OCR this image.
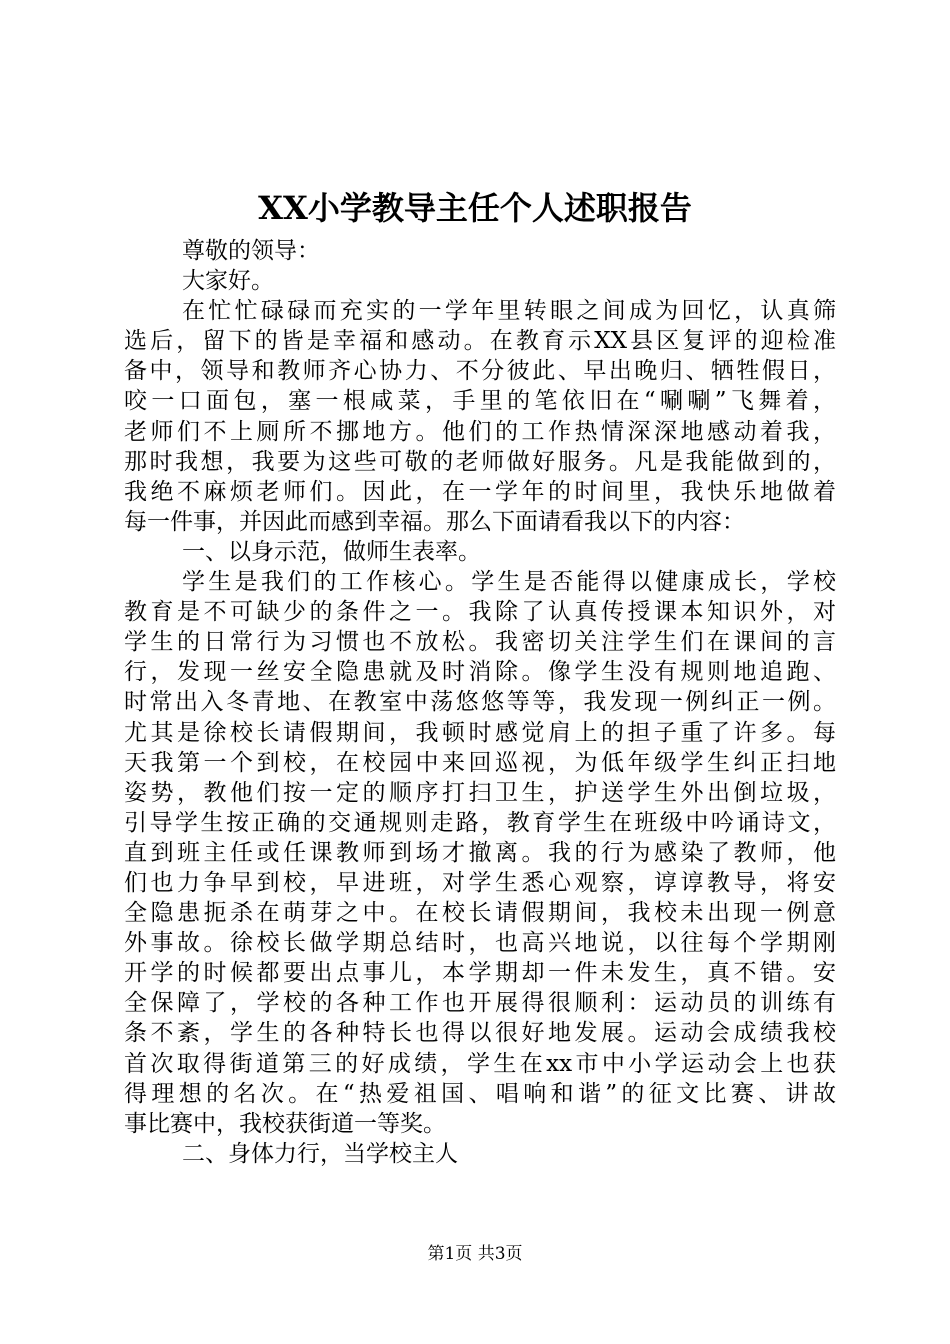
XX小学教导主任个人述职报告

尊敬的领导：

大家好。

在忙忙碌碌而充实的一学年里转眼之间成为回忆，认真筛

选后，留下的皆是幸福和感动。在教育示XX县区复评的迎检准

备中，领导和教师齐心协力、不分彼此、早出晚归、牺牲假日，

咬一口面包，塞一根咸菜，手里的笔依旧在“唰唰”飞舞着，

老师们不上厕所不挪地方。他们的工作热情深深地感动着我，

那时我想，我要为这些可敬的老师做好服务。凡是我能做到的，

我绝不麻烦老师们。因此，在一学年的时间里，我快乐地做着

每一件事，并因此而感到幸福。那么下面请看我以下的内容：

一、以身示范，做师生表率。

学生是我们的工作核心。学生是否能得以健康成长，学校

教育是不可缺少的条件之一。我除了认真传授课本知识外，对

学生的日常行为习惯也不放松。我密切关注学生们在课间的言

行，发现一丝安全隐患就及时消除。像学生没有规则地追跑、

时常出入冬青地、在教室中荡悠悠等等，我发现一例纠正一例。

尤其是徐校长请假期间，我顿时感觉肩上的担子重了许多。每

天我第一个到校，在校园中来回巡视，为低年级学生纠正扫地

姿势，教他们按一定的顺序打扫卫生，护送学生外出倒垃圾，

引导学生按正确的交通规则走路，教育学生在班级中吟诵诗文，

直到班主任或任课教师到场才撤离。我的行为感染了教师，他

们也力争早到校，早进班，对学生悉心观察，谆谆教导，将安

全隐患扼杀在萌芽之中。在校长请假期间，我校未出现一例意

外事故。徐校长做学期总结时，也高兴地说，以往每个学期刚

开学的时候都要出点事儿，本学期却一件未发生，真不错。安

全保障了，学校的各种工作也开展得很顺利：运动员的训练有

条不紊，学生的各种特长也得以很好地发展。运动会成绩我校

首次取得街道第三的好成绩，学生在xx市中小学运动会上也获

得理想的名次。在“热爱祖国、唱响和谐”的征文比赛、讲故

事比赛中，我校获街道一等奖。

二、身体力行，当学校主人

第1页 共3页
